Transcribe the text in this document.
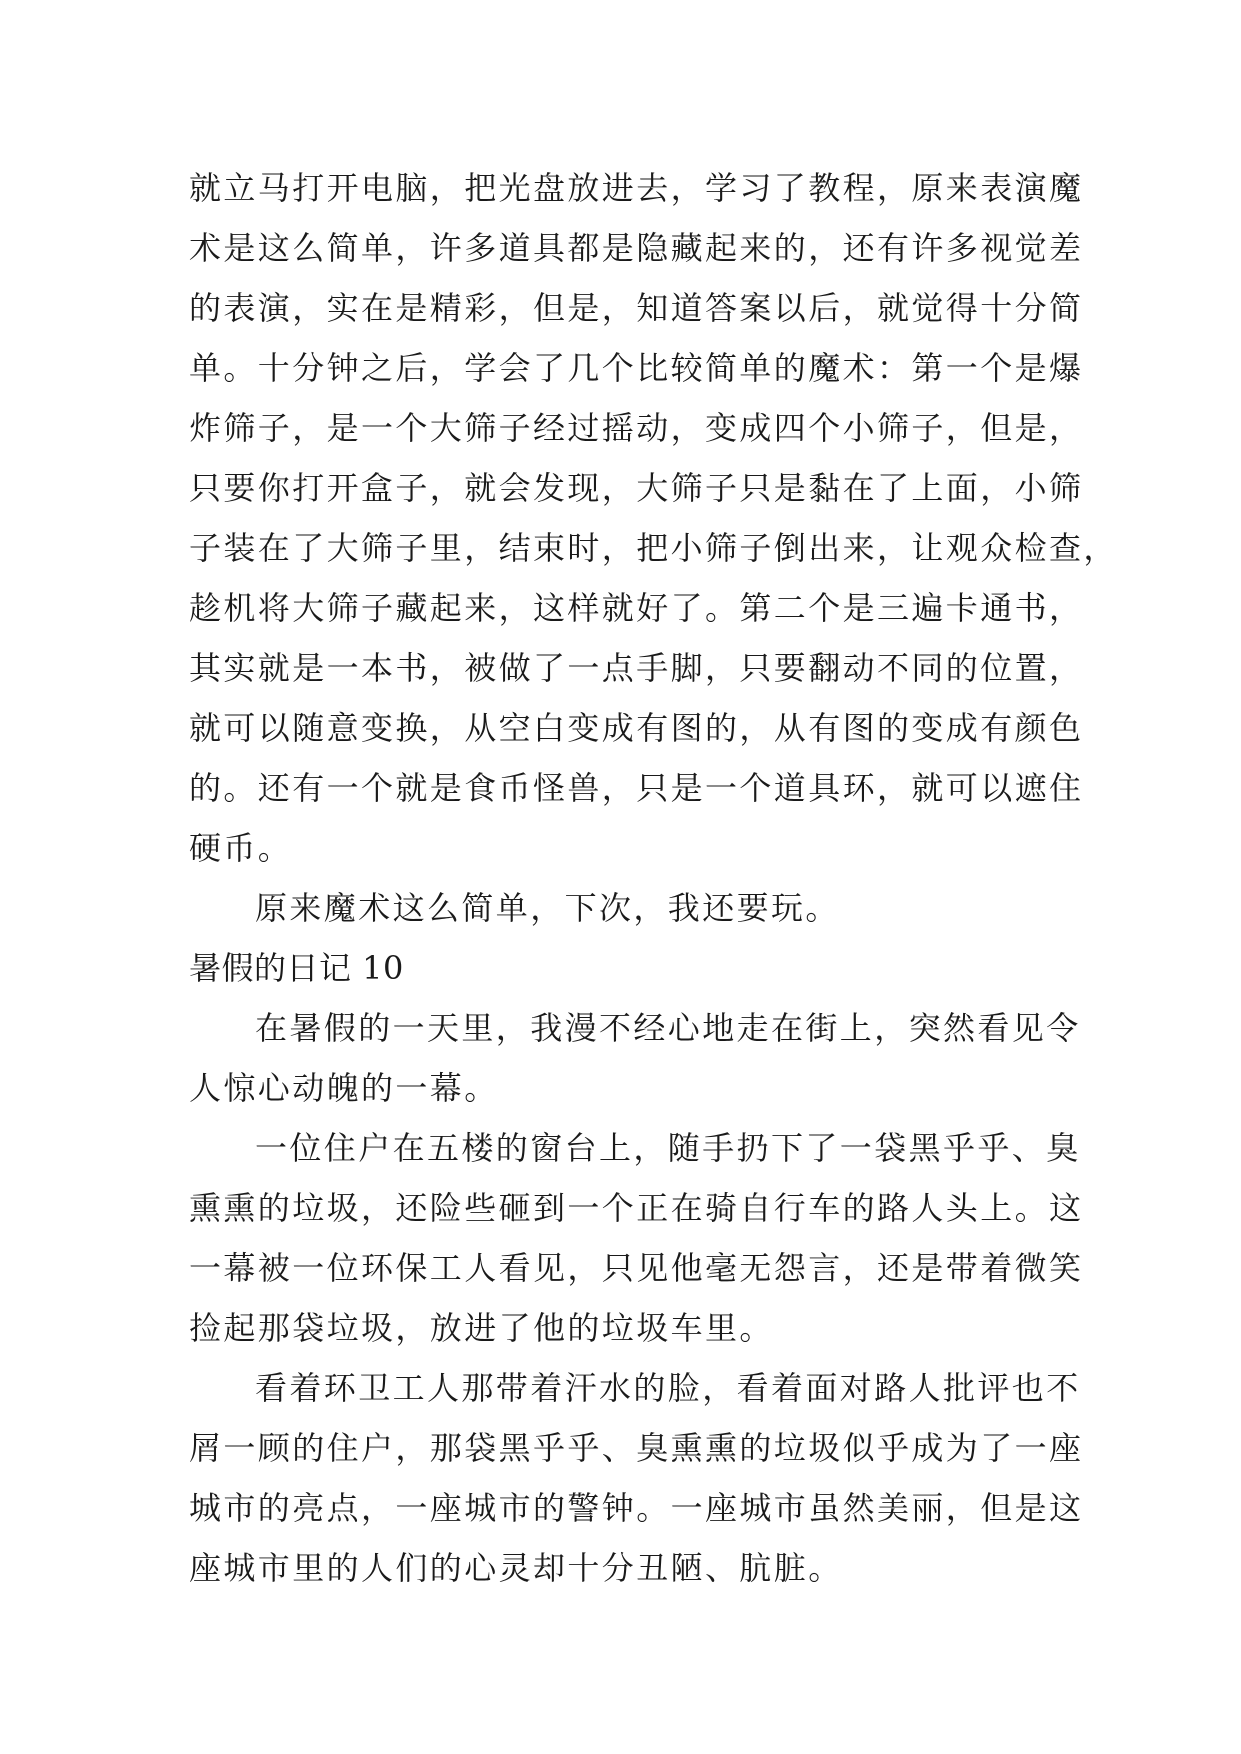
就立马打开电脑，把光盘放进去，学习了教程，原来表演魔
术是这么简单，许多道具都是隐藏起来的，还有许多视觉差
的表演，实在是精彩，但是，知道答案以后，就觉得十分简
单。十分钟之后，学会了几个比较简单的魔术：第一个是爆
炸筛子，是一个大筛子经过摇动，变成四个小筛子，但是，
只要你打开盒子，就会发现，大筛子只是黏在了上面，小筛
子装在了大筛子里，结束时，把小筛子倒出来，让观众检查，
趁机将大筛子藏起来，这样就好了。第二个是三遍卡通书，
其实就是一本书，被做了一点手脚，只要翻动不同的位置，
就可以随意变换，从空白变成有图的，从有图的变成有颜色
的。还有一个就是食币怪兽，只是一个道具环，就可以遮住
硬币。
原来魔术这么简单，下次，我还要玩。
暑假的日记 10
在暑假的一天里，我漫不经心地走在街上，突然看见令
人惊心动魄的一幕。
一位住户在五楼的窗台上，随手扔下了一袋黑乎乎、臭
熏熏的垃圾，还险些砸到一个正在骑自行车的路人头上。这
一幕被一位环保工人看见，只见他毫无怨言，还是带着微笑
捡起那袋垃圾，放进了他的垃圾车里。
看着环卫工人那带着汗水的脸，看着面对路人批评也不
屑一顾的住户，那袋黑乎乎、臭熏熏的垃圾似乎成为了一座
城市的亮点，一座城市的警钟。一座城市虽然美丽，但是这
座城市里的人们的心灵却十分丑陋、肮脏。
